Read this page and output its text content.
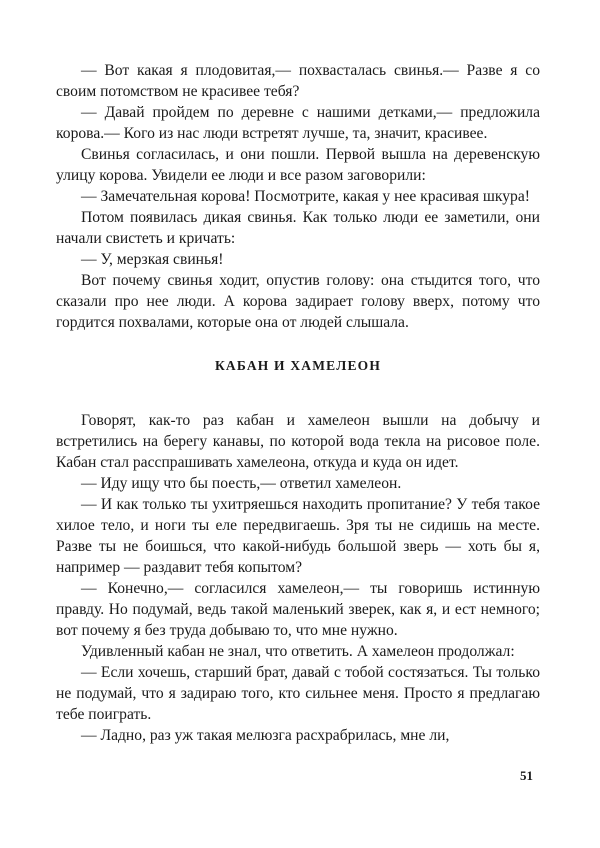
— Вот какая я плодовитая,— похвасталась свинья.— Разве я со своим потомством не красивее тебя?

— Давай пройдем по деревне с нашими детками,— предложила корова.— Кого из нас люди встретят лучше, та, значит, красивее.

Свинья согласилась, и они пошли. Первой вышла на деревенскую улицу корова. Увидели ее люди и все разом заговорили:

— Замечательная корова! Посмотрите, какая у нее красивая шкура!

Потом появилась дикая свинья. Как только люди ее заметили, они начали свистеть и кричать:

— У, мерзкая свинья!

Вот почему свинья ходит, опустив голову: она стыдится того, что сказали про нее люди. А корова задирает голову вверх, потому что гордится похвалами, которые она от людей слышала.

КАБАН И ХАМЕЛЕОН

Говорят, как-то раз кабан и хамелеон вышли на добычу и встретились на берегу канавы, по которой вода текла на рисовое поле. Кабан стал расспрашивать хамелеона, откуда и куда он идет.

— Иду ищу что бы поесть,— ответил хамелеон.

— И как только ты ухитряешься находить пропитание? У тебя такое хилое тело, и ноги ты еле передвигаешь. Зря ты не сидишь на месте. Разве ты не боишься, что какой-нибудь большой зверь — хоть бы я, например — раздавит тебя копытом?

— Конечно,— согласился хамелеон,— ты говоришь истинную правду. Но подумай, ведь такой маленький зверек, как я, и ест немного; вот почему я без труда добываю то, что мне нужно.

Удивленный кабан не знал, что ответить. А хамелеон продолжал:

— Если хочешь, старший брат, давай с тобой состязаться. Ты только не подумай, что я задираю того, кто сильнее меня. Просто я предлагаю тебе поиграть.

— Ладно, раз уж такая мелюзга расхрабрилась, мне ли,

51
